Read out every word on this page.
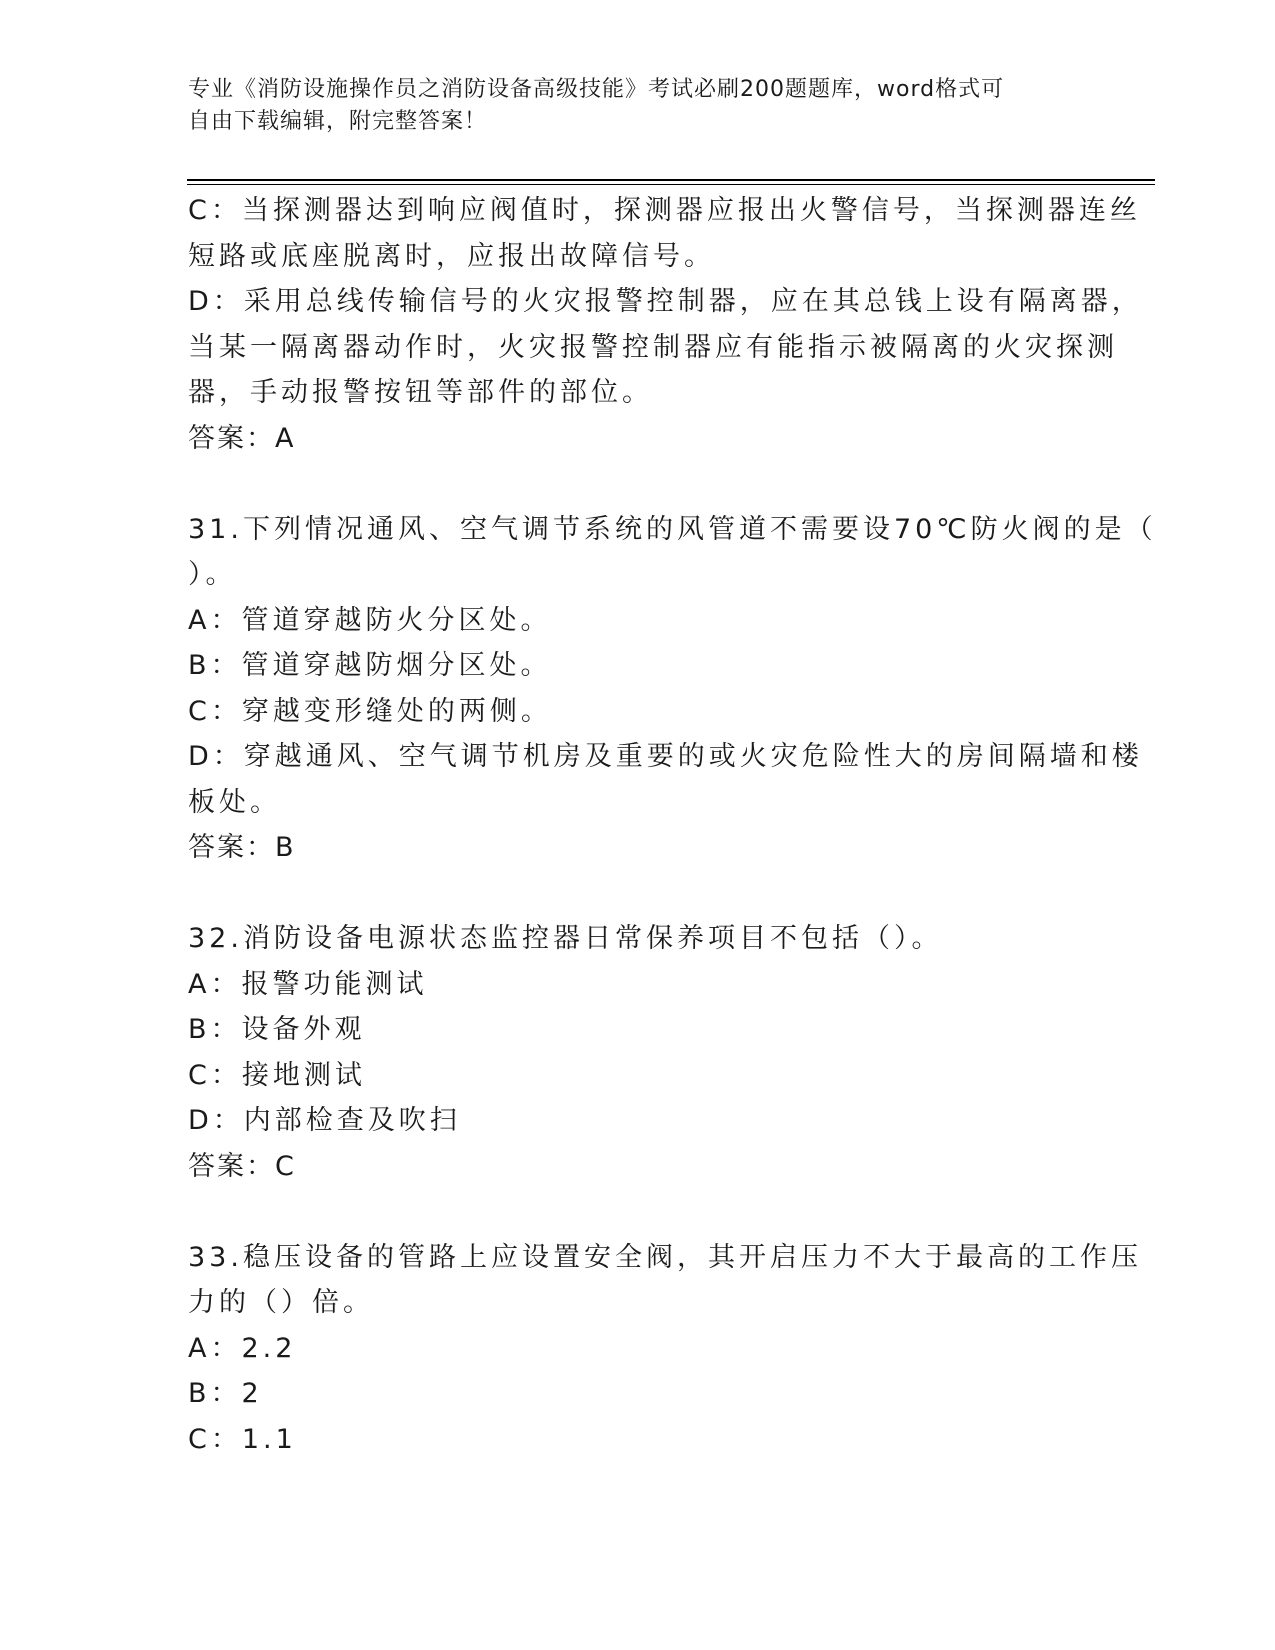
专业《消防设施操作员之消防设备高级技能》考试必刷200题题库，word格式可
自由下载编辑，附完整答案！
C：当探测器达到响应阀值时，探测器应报出火警信号，当探测器连丝
短路或底座脱离时，应报出故障信号。
D：采用总线传输信号的火灾报警控制器，应在其总钱上设有隔离器，
当某一隔离器动作时，火灾报警控制器应有能指示被隔离的火灾探测
器，手动报警按钮等部件的部位。
答案：A
31.下列情况通风、空气调节系统的风管道不需要设70℃防火阀的是（
）。
A：管道穿越防火分区处。
B：管道穿越防烟分区处。
C：穿越变形缝处的两侧。
D：穿越通风、空气调节机房及重要的或火灾危险性大的房间隔墙和楼
板处。
答案：B
32.消防设备电源状态监控器日常保养项目不包括（）。
A：报警功能测试
B：设备外观
C：接地测试
D：内部检查及吹扫
答案：C
33.稳压设备的管路上应设置安全阀，其开启压力不大于最高的工作压
力的（）倍。
A：2.2
B：2
C：1.1
